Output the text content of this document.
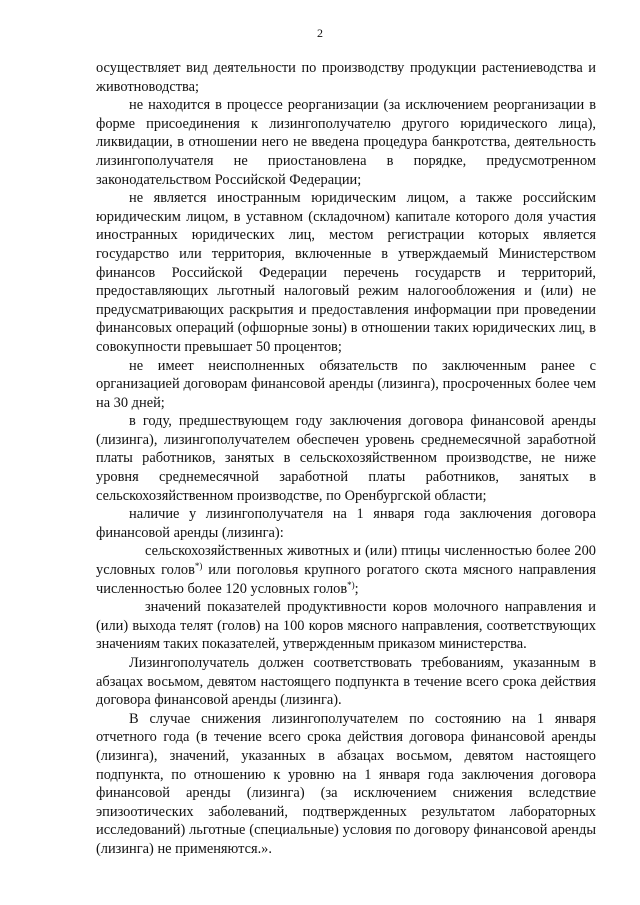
2

осуществляет вид деятельности по производству продукции растениеводства и животноводства;

не находится в процессе реорганизации (за исключением реорганизации в форме присоединения к лизингополучателю другого юридического лица), ликвидации, в отношении него не введена процедура банкротства, деятельность лизингополучателя не приостановлена в порядке, предусмотренном законодательством Российской Федерации;

не является иностранным юридическим лицом, а также российским юридическим лицом, в уставном (складочном) капитале которого доля участия иностранных юридических лиц, местом регистрации которых является государство или территория, включенные в утверждаемый Министерством финансов Российской Федерации перечень государств и территорий, предоставляющих льготный налоговый режим налогообложения и (или) не предусматривающих раскрытия и предоставления информации при проведении финансовых операций (офшорные зоны) в отношении таких юридических лиц, в совокупности превышает 50 процентов;

не имеет неисполненных обязательств по заключенным ранее с организацией договорам финансовой аренды (лизинга), просроченных более чем на 30 дней;

в году, предшествующем году заключения договора финансовой аренды (лизинга), лизингополучателем обеспечен уровень среднемесячной заработной платы работников, занятых в сельскохозяйственном производстве, не ниже уровня среднемесячной заработной платы работников, занятых в сельскохозяйственном производстве, по Оренбургской области;

наличие у лизингополучателя на 1 января года заключения договора финансовой аренды (лизинга):

сельскохозяйственных животных и (или) птицы численностью более 200 условных голов*) или поголовья крупного рогатого скота мясного направления численностью более 120 условных голов*);

значений показателей продуктивности коров молочного направления и (или) выхода телят (голов) на 100 коров мясного направления, соответствующих значениям таких показателей, утвержденным приказом министерства.

Лизингополучатель должен соответствовать требованиям, указанным в абзацах восьмом, девятом настоящего подпункта в течение всего срока действия договора финансовой аренды (лизинга).

В случае снижения лизингополучателем по состоянию на 1 января отчетного года (в течение всего срока действия договора финансовой аренды (лизинга), значений, указанных в абзацах восьмом, девятом настоящего подпункта, по отношению к уровню на 1 января года заключения договора финансовой аренды (лизинга) (за исключением снижения вследствие эпизоотических заболеваний, подтвержденных результатом лабораторных исследований) льготные (специальные) условия по договору финансовой аренды (лизинга) не применяются.».
